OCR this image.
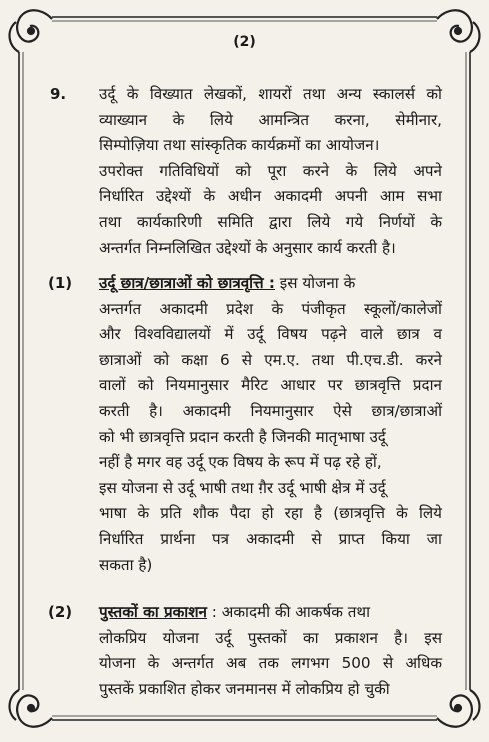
(2)
9. उर्दू के विख्यात लेखकों, शायरों तथा अन्य स्कालर्स को
व्याख्यान के लिये आमन्त्रित करना, सेमीनार,
सिम्पोज़िया तथा सांस्कृतिक कार्यक्रमों का आयोजन।
उपरोक्त गतिविधियों को पूरा करने के लिये अपने
निर्धारित उद्देश्यों के अधीन अकादमी अपनी आम सभा
तथा कार्यकारिणी समिति द्वारा लिये गये निर्णयों के
अन्तर्गत निम्नलिखित उद्देश्यों के अनुसार कार्य करती है।
(1) उर्दू छात्र/छात्राओं को छात्रवृत्ति : इस योजना के
अन्तर्गत अकादमी प्रदेश के पंजीकृत स्कूलों/कालेजों
और विश्वविद्यालयों में उर्दू विषय पढ़ने वाले छात्र व
छात्राओं को कक्षा 6 से एम.ए. तथा पी.एच.डी. करने
वालों को नियमानुसार मैरिट आधार पर छात्रवृत्ति प्रदान
करती है। अकादमी नियमानुसार ऐसे छात्र/छात्राओं
को भी छात्रवृत्ति प्रदान करती है जिनकी मातृभाषा उर्दू
नहीं है मगर वह उर्दू एक विषय के रूप में पढ़ रहे हों,
इस योजना से उर्दू भाषी तथा ग़ैर उर्दू भाषी क्षेत्र में उर्दू
भाषा के प्रति शौक पैदा हो रहा है (छात्रवृत्ति के लिये
निर्धारित प्रार्थना पत्र अकादमी से प्राप्त किया जा
सकता है)
(2) पुस्तकों का प्रकाशन : अकादमी की आकर्षक तथा
लोकप्रिय योजना उर्दू पुस्तकों का प्रकाशन है। इस
योजना के अन्तर्गत अब तक लगभग 500 से अधिक
पुस्तकें प्रकाशित होकर जनमानस में लोकप्रिय हो चुकी
